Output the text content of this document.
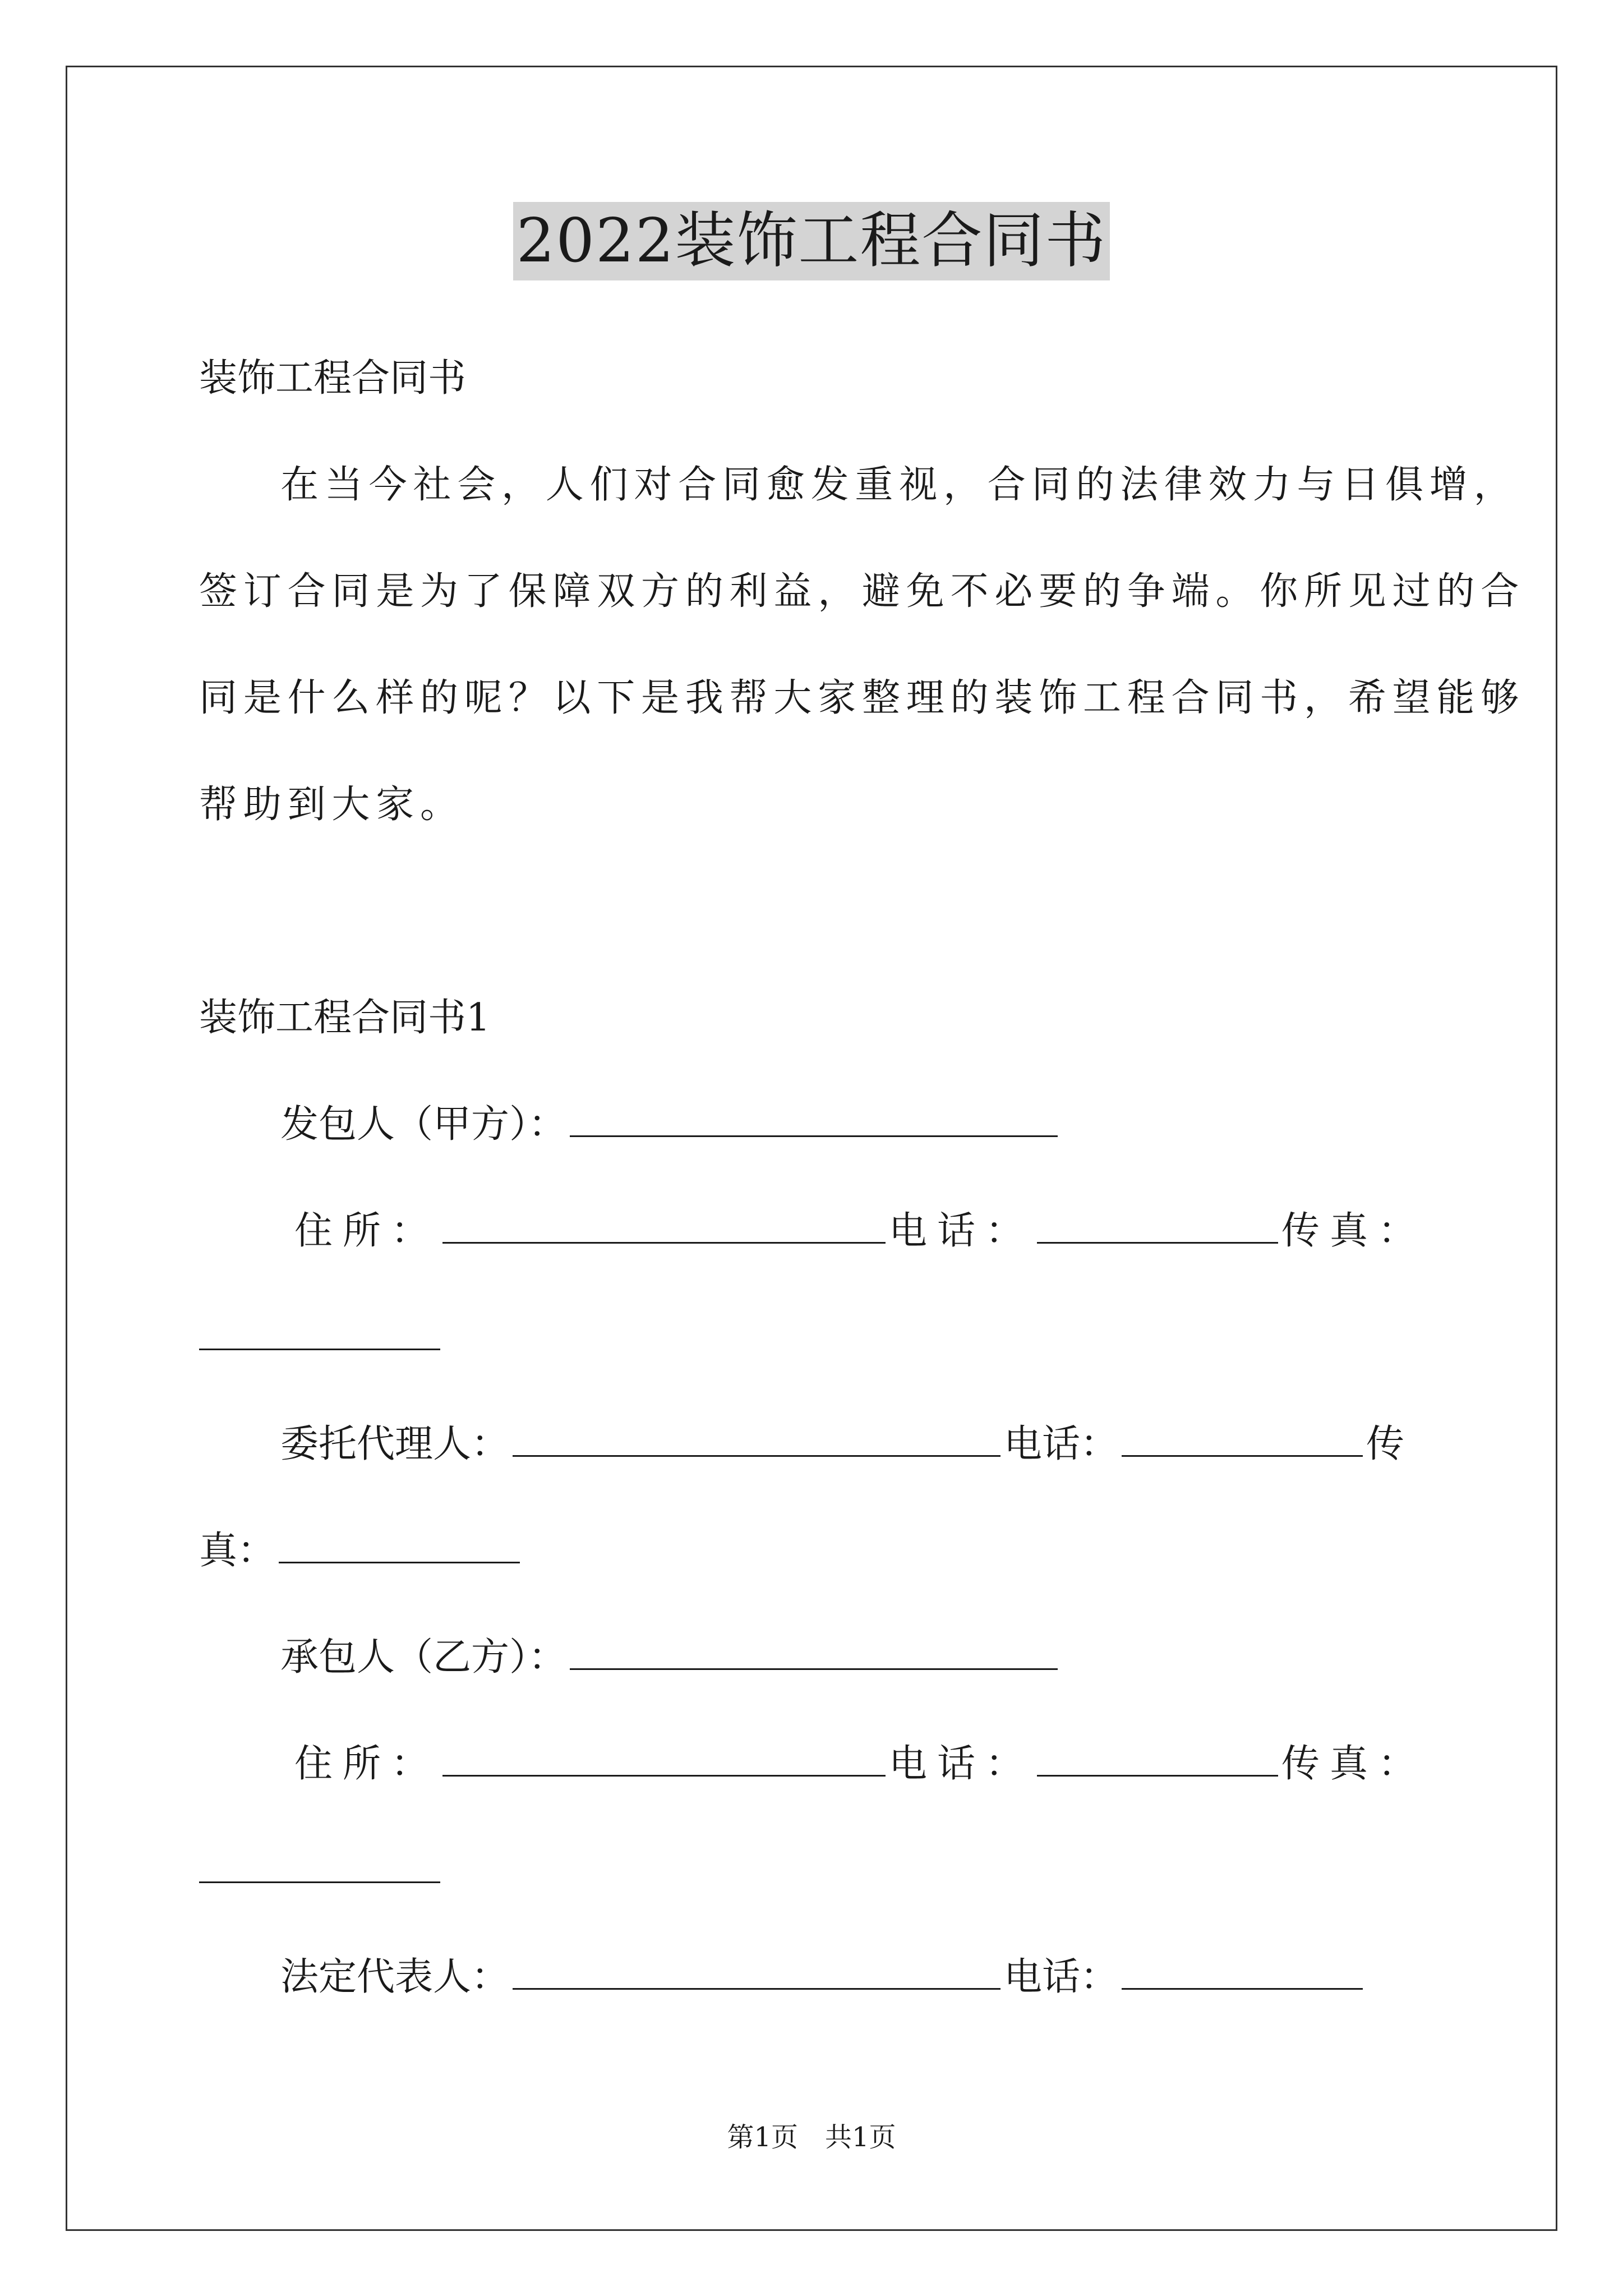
2022装饰工程合同书
装饰工程合同书
在当今社会，人们对合同愈发重视，合同的法律效力与日俱增，
签订合同是为了保障双方的利益，避免不必要的争端。你所见过的合
同是什么样的呢？以下是我帮大家整理的装饰工程合同书，希望能够
帮助到大家。
装饰工程合同书1
发包人（甲方）：
住所：	电话：	传真：
委托代理人：	电话：	传
真：
承包人（乙方）：
住所：	电话：	传真：
法定代表人：	电话：
第1页　共1页
